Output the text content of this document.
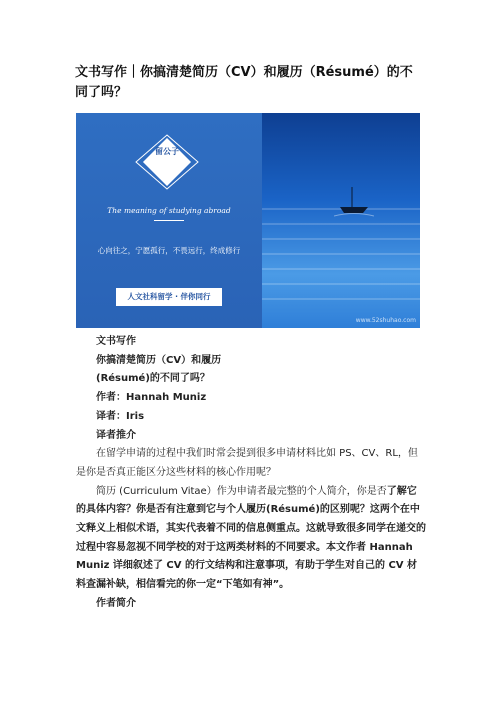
文书写作｜你搞清楚简历（CV）和履历（Résumé）的不同了吗？
留公子
The meaning of studying abroad
心向往之，宁愿孤行，不畏远行，终成修行
人文社科留学 · 伴你同行
www.52shuhao.com

文书写作

你搞清楚简历（CV）和履历

(Résumé)的不同了吗？

作者：Hannah Muniz

译者：Iris

译者推介

在留学申请的过程中我们时常会提到很多申请材料比如 PS、CV、RL，但是你是否真正能区分这些材料的核心作用呢？

简历 (Curriculum Vitae）作为申请者最完整的个人简介，你是否了解它的具体内容？你是否有注意到它与个人履历(Résumé)的区别呢？这两个在中文释义上相似术语，其实代表着不同的信息侧重点。这就导致很多同学在递交的过程中容易忽视不同学校的对于这两类材料的不同要求。本文作者 Hannah Muniz 详细叙述了 CV 的行文结构和注意事项，有助于学生对自己的 CV 材料查漏补缺，相信看完的你一定“下笔如有神”。

作者简介
